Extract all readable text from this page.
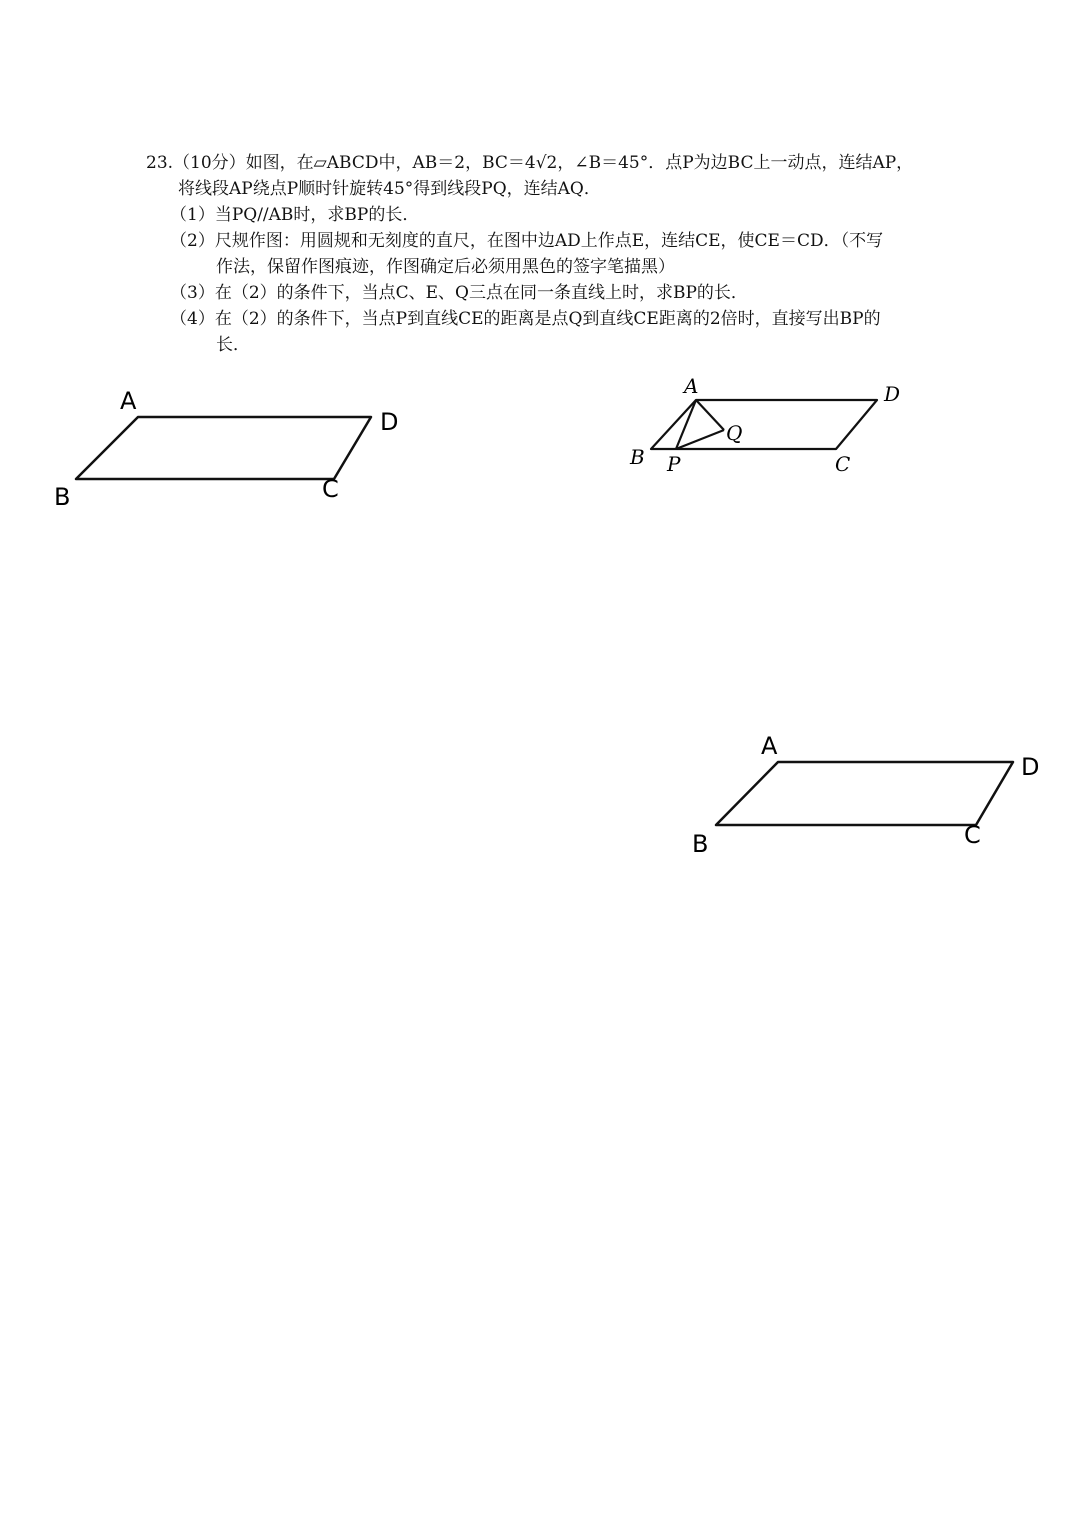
23.（10分）如图，在▱ABCD中，AB＝2，BC＝4√2，∠B＝45°．点P为边BC上一动点，连结AP，

将线段AP绕点P顺时针旋转45°得到线段PQ，连结AQ．

（1）当PQ//AB时，求BP的长．

（2）尺规作图：用圆规和无刻度的直尺，在图中边AD上作点E，连结CE，使CE＝CD．（不写

作法，保留作图痕迹，作图确定后必须用黑色的签字笔描黑）

（3）在（2）的条件下，当点C、E、Q三点在同一条直线上时，求BP的长．

（4）在（2）的条件下，当点P到直线CE的距离是点Q到直线CE距离的2倍时，直接写出BP的

长．

A
D
B	C
A	D
B P
Q
C
A
D
B	C
